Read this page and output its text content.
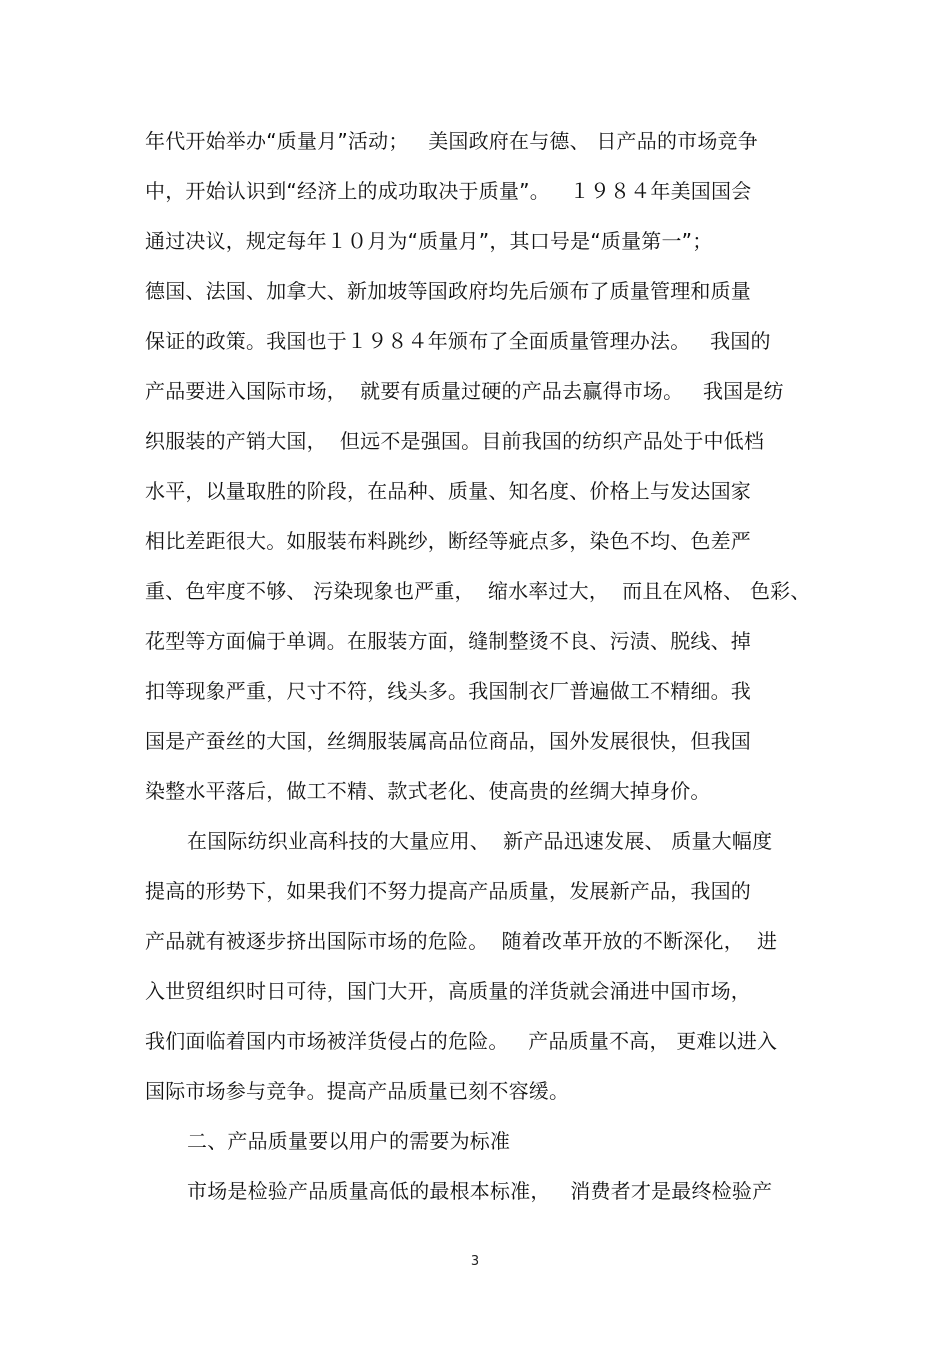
年代开始举办“质量月”活动；   美国政府在与德、 日产品的市场竞争
中，开始认识到“经济上的成功取决于质量”。   １９８４年美国国会
通过决议，规定每年１０月为“质量月”，其口号是“质量第一”；
德国、法国、加拿大、新加坡等国政府均先后颁布了质量管理和质量
保证的政策。我国也于１９８４年颁布了全面质量管理办法。   我国的
产品要进入国际市场，  就要有质量过硬的产品去赢得市场。   我国是纺
织服装的产销大国，  但远不是强国。目前我国的纺织产品处于中低档
水平，以量取胜的阶段，在品种、质量、知名度、价格上与发达国家
相比差距很大。如服装布料跳纱，断经等疵点多，染色不均、色差严
重、色牢度不够、 污染现象也严重，  缩水率过大，  而且在风格、 色彩、
花型等方面偏于单调。在服装方面，缝制整烫不良、污渍、脱线、掉
扣等现象严重，尺寸不符，线头多。我国制衣厂普遍做工不精细。我
国是产蚕丝的大国，丝绸服装属高品位商品，国外发展很快，但我国
染整水平落后，做工不精、款式老化、使高贵的丝绸大掉身价。
在国际纺织业高科技的大量应用、  新产品迅速发展、 质量大幅度
提高的形势下，如果我们不努力提高产品质量，发展新产品，我国的
产品就有被逐步挤出国际市场的危险。  随着改革开放的不断深化，  进
入世贸组织时日可待，国门大开，高质量的洋货就会涌进中国市场，
我们面临着国内市场被洋货侵占的危险。   产品质量不高， 更难以进入
国际市场参与竞争。提高产品质量已刻不容缓。
二、产品质量要以用户的需要为标准
市场是检验产品质量高低的最根本标准，   消费者才是最终检验产
3
